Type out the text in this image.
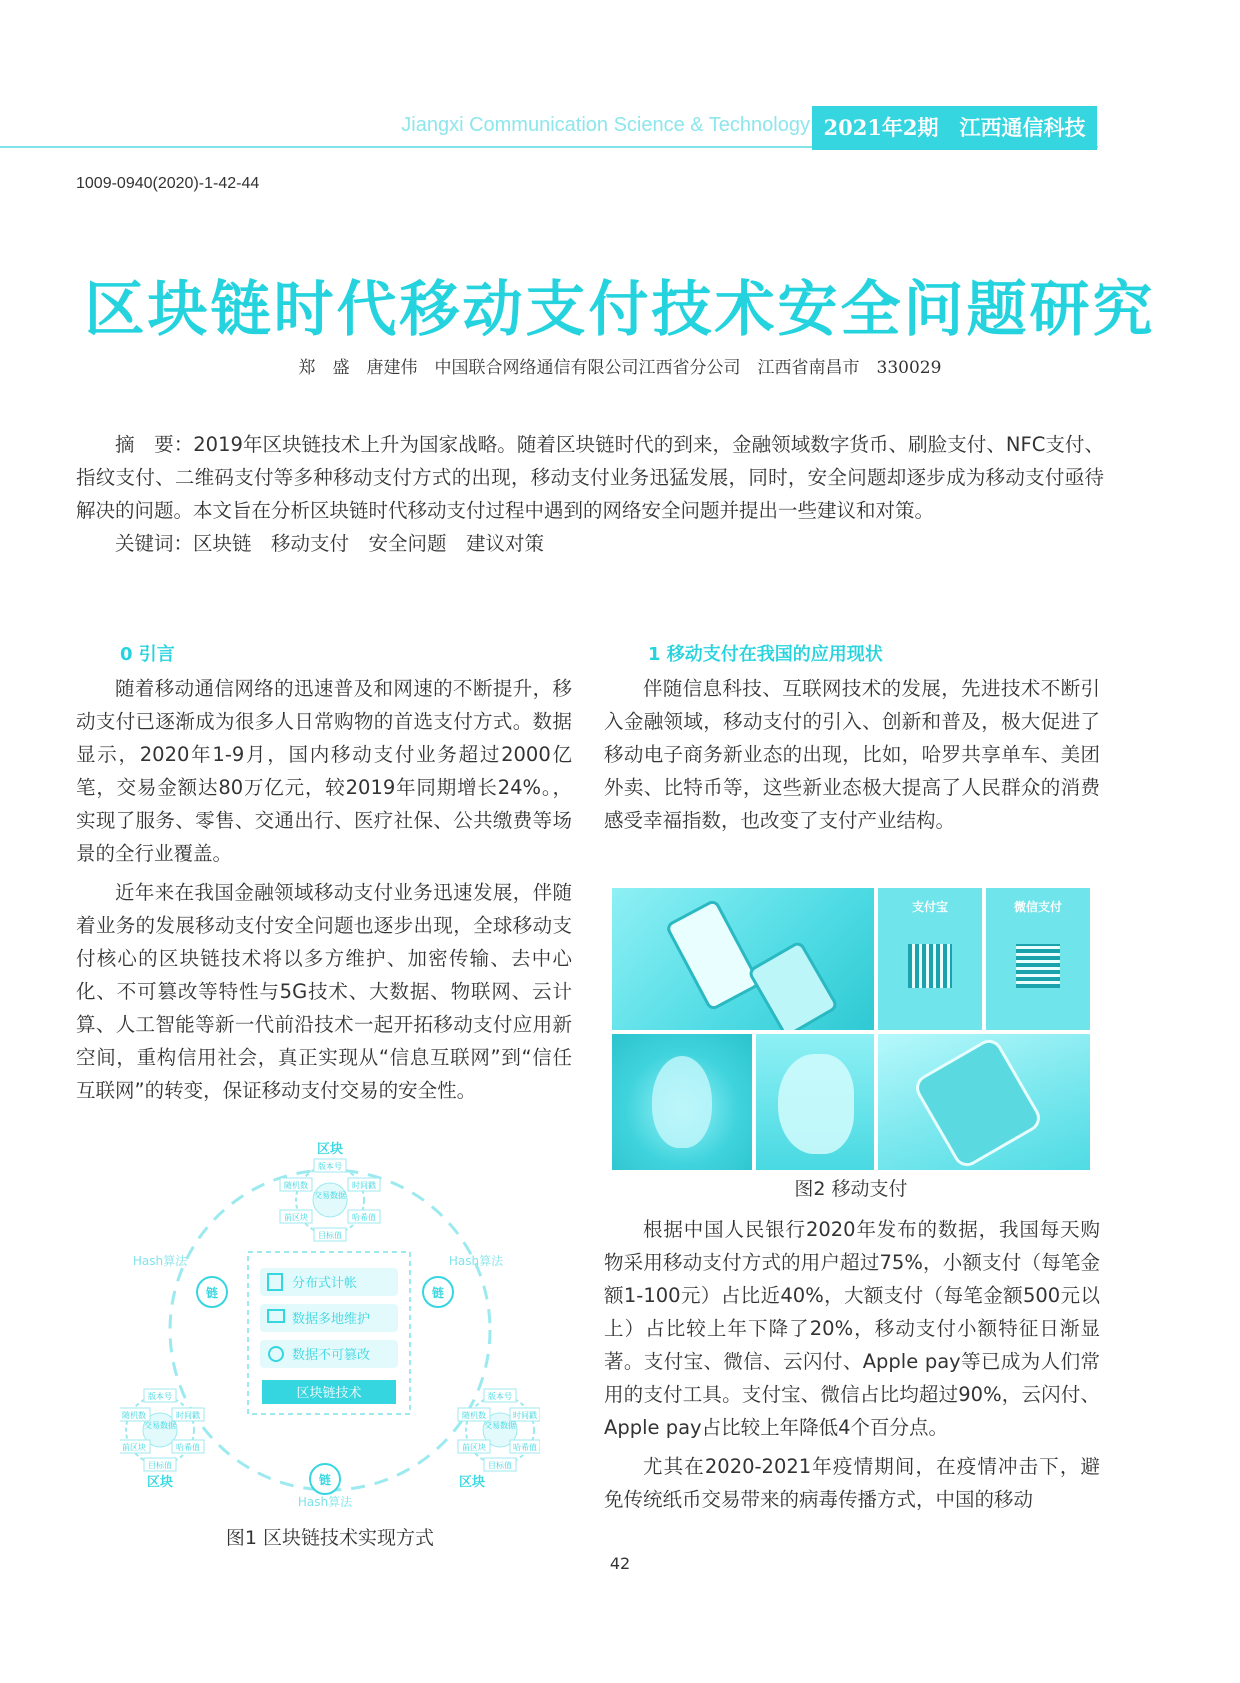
Jiangxi Communication Science & Technology 2021年2期　江西通信科技
1009-0940(2020)-1-42-44
区块链时代移动支付技术安全问题研究
郑　盛　唐建伟　中国联合网络通信有限公司江西省分公司　江西省南昌市　330029
摘　要：2019年区块链技术上升为国家战略。随着区块链时代的到来，金融领域数字货币、刷脸支付、NFC支付、指纹支付、二维码支付等多种移动支付方式的出现，移动支付业务迅猛发展，同时，安全问题却逐步成为移动支付亟待解决的问题。本文旨在分析区块链时代移动支付过程中遇到的网络安全问题并提出一些建议和对策。
关键词：区块链　移动支付　安全问题　建议对策
0 引言

随着移动通信网络的迅速普及和网速的不断提升，移动支付已逐渐成为很多人日常购物的首选支付方式。数据显示，2020年1-9月，国内移动支付业务超过2000亿笔，交易金额达80万亿元，较2019年同期增长24%。，实现了服务、零售、交通出行、医疗社保、公共缴费等场景的全行业覆盖。

近年来在我国金融领域移动支付业务迅速发展，伴随着业务的发展移动支付安全问题也逐步出现，全球移动支付核心的区块链技术将以多方维护、加密传输、去中心化、不可篡改等特性与5G技术、大数据、物联网、云计算、人工智能等新一代前沿技术一起开拓移动支付应用新空间，重构信用社会，真正实现从“信息互联网”到“信任互联网”的转变，保证移动支付交易的安全性。

分布式计帐
数据多地维护
数据不可篡改
区块链技术
交易数据
版本号
随机数	时间戳
前区块	哈希值
目标值
交易数据
版本号
随机数	时间戳
前区块	哈希值
目标值
交易数据
版本号
随机数	时间戳
前区块	哈希值
目标值
链	链
链
区块
区块	区块
Hash算法	Hash算法
Hash算法
图1 区块链技术实现方式
1 移动支付在我国的应用现状

伴随信息科技、互联网技术的发展，先进技术不断引入金融领域，移动支付的引入、创新和普及，极大促进了移动电子商务新业态的出现，比如，哈罗共享单车、美团外卖、比特币等，这些新业态极大提高了人民群众的消费感受幸福指数，也改变了支付产业结构。

支付宝	微信支付
图2 移动支付

根据中国人民银行2020年发布的数据，我国每天购物采用移动支付方式的用户超过75%，小额支付（每笔金额1-100元）占比近40%，大额支付（每笔金额500元以上）占比较上年下降了20%，移动支付小额特征日渐显著。支付宝、微信、云闪付、Apple pay等已成为人们常用的支付工具。支付宝、微信占比均超过90%，云闪付、Apple pay占比较上年降低4个百分点。

尤其在2020-2021年疫情期间，在疫情冲击下，避免传统纸币交易带来的病毒传播方式，中国的移动

42
